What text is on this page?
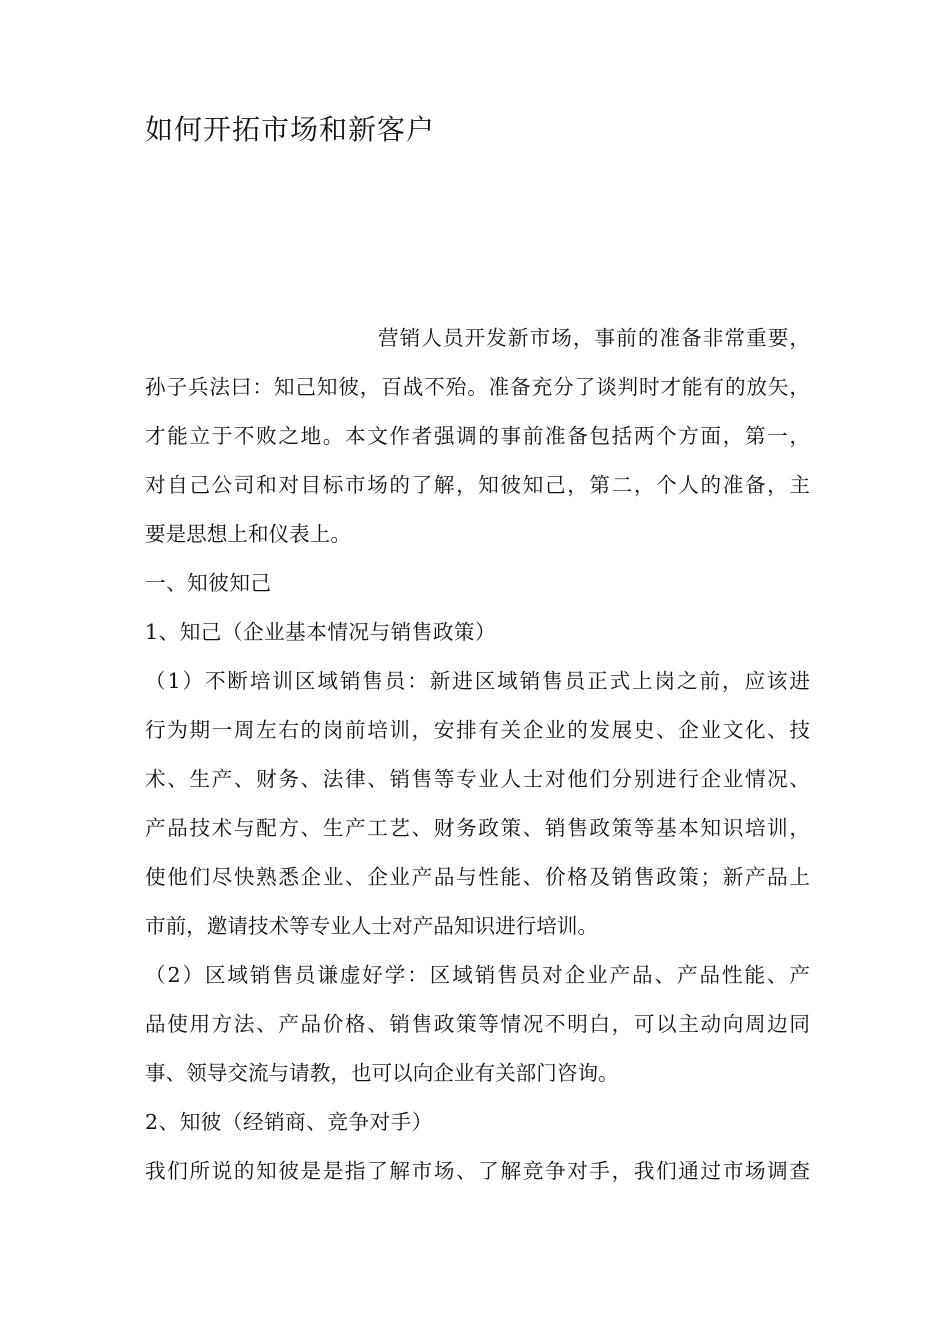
如何开拓市场和新客户
营销人员开发新市场，事前的准备非常重要，
孙子兵法曰：知己知彼，百战不殆。准备充分了谈判时才能有的放矢，
才能立于不败之地。本文作者强调的事前准备包括两个方面，第一，
对自己公司和对目标市场的了解，知彼知己，第二，个人的准备，主
要是思想上和仪表上。
一、知彼知己
1、知己（企业基本情况与销售政策）
（1）不断培训区域销售员：新进区域销售员正式上岗之前，应该进
行为期一周左右的岗前培训，安排有关企业的发展史、企业文化、技
术、生产、财务、法律、销售等专业人士对他们分别进行企业情况、
产品技术与配方、生产工艺、财务政策、销售政策等基本知识培训，
使他们尽快熟悉企业、企业产品与性能、价格及销售政策；新产品上
市前，邀请技术等专业人士对产品知识进行培训。
（2）区域销售员谦虚好学：区域销售员对企业产品、产品性能、产
品使用方法、产品价格、销售政策等情况不明白，可以主动向周边同
事、领导交流与请教，也可以向企业有关部门咨询。
2、知彼（经销商、竞争对手）
我们所说的知彼是是指了解市场、了解竞争对手，我们通过市场调查
